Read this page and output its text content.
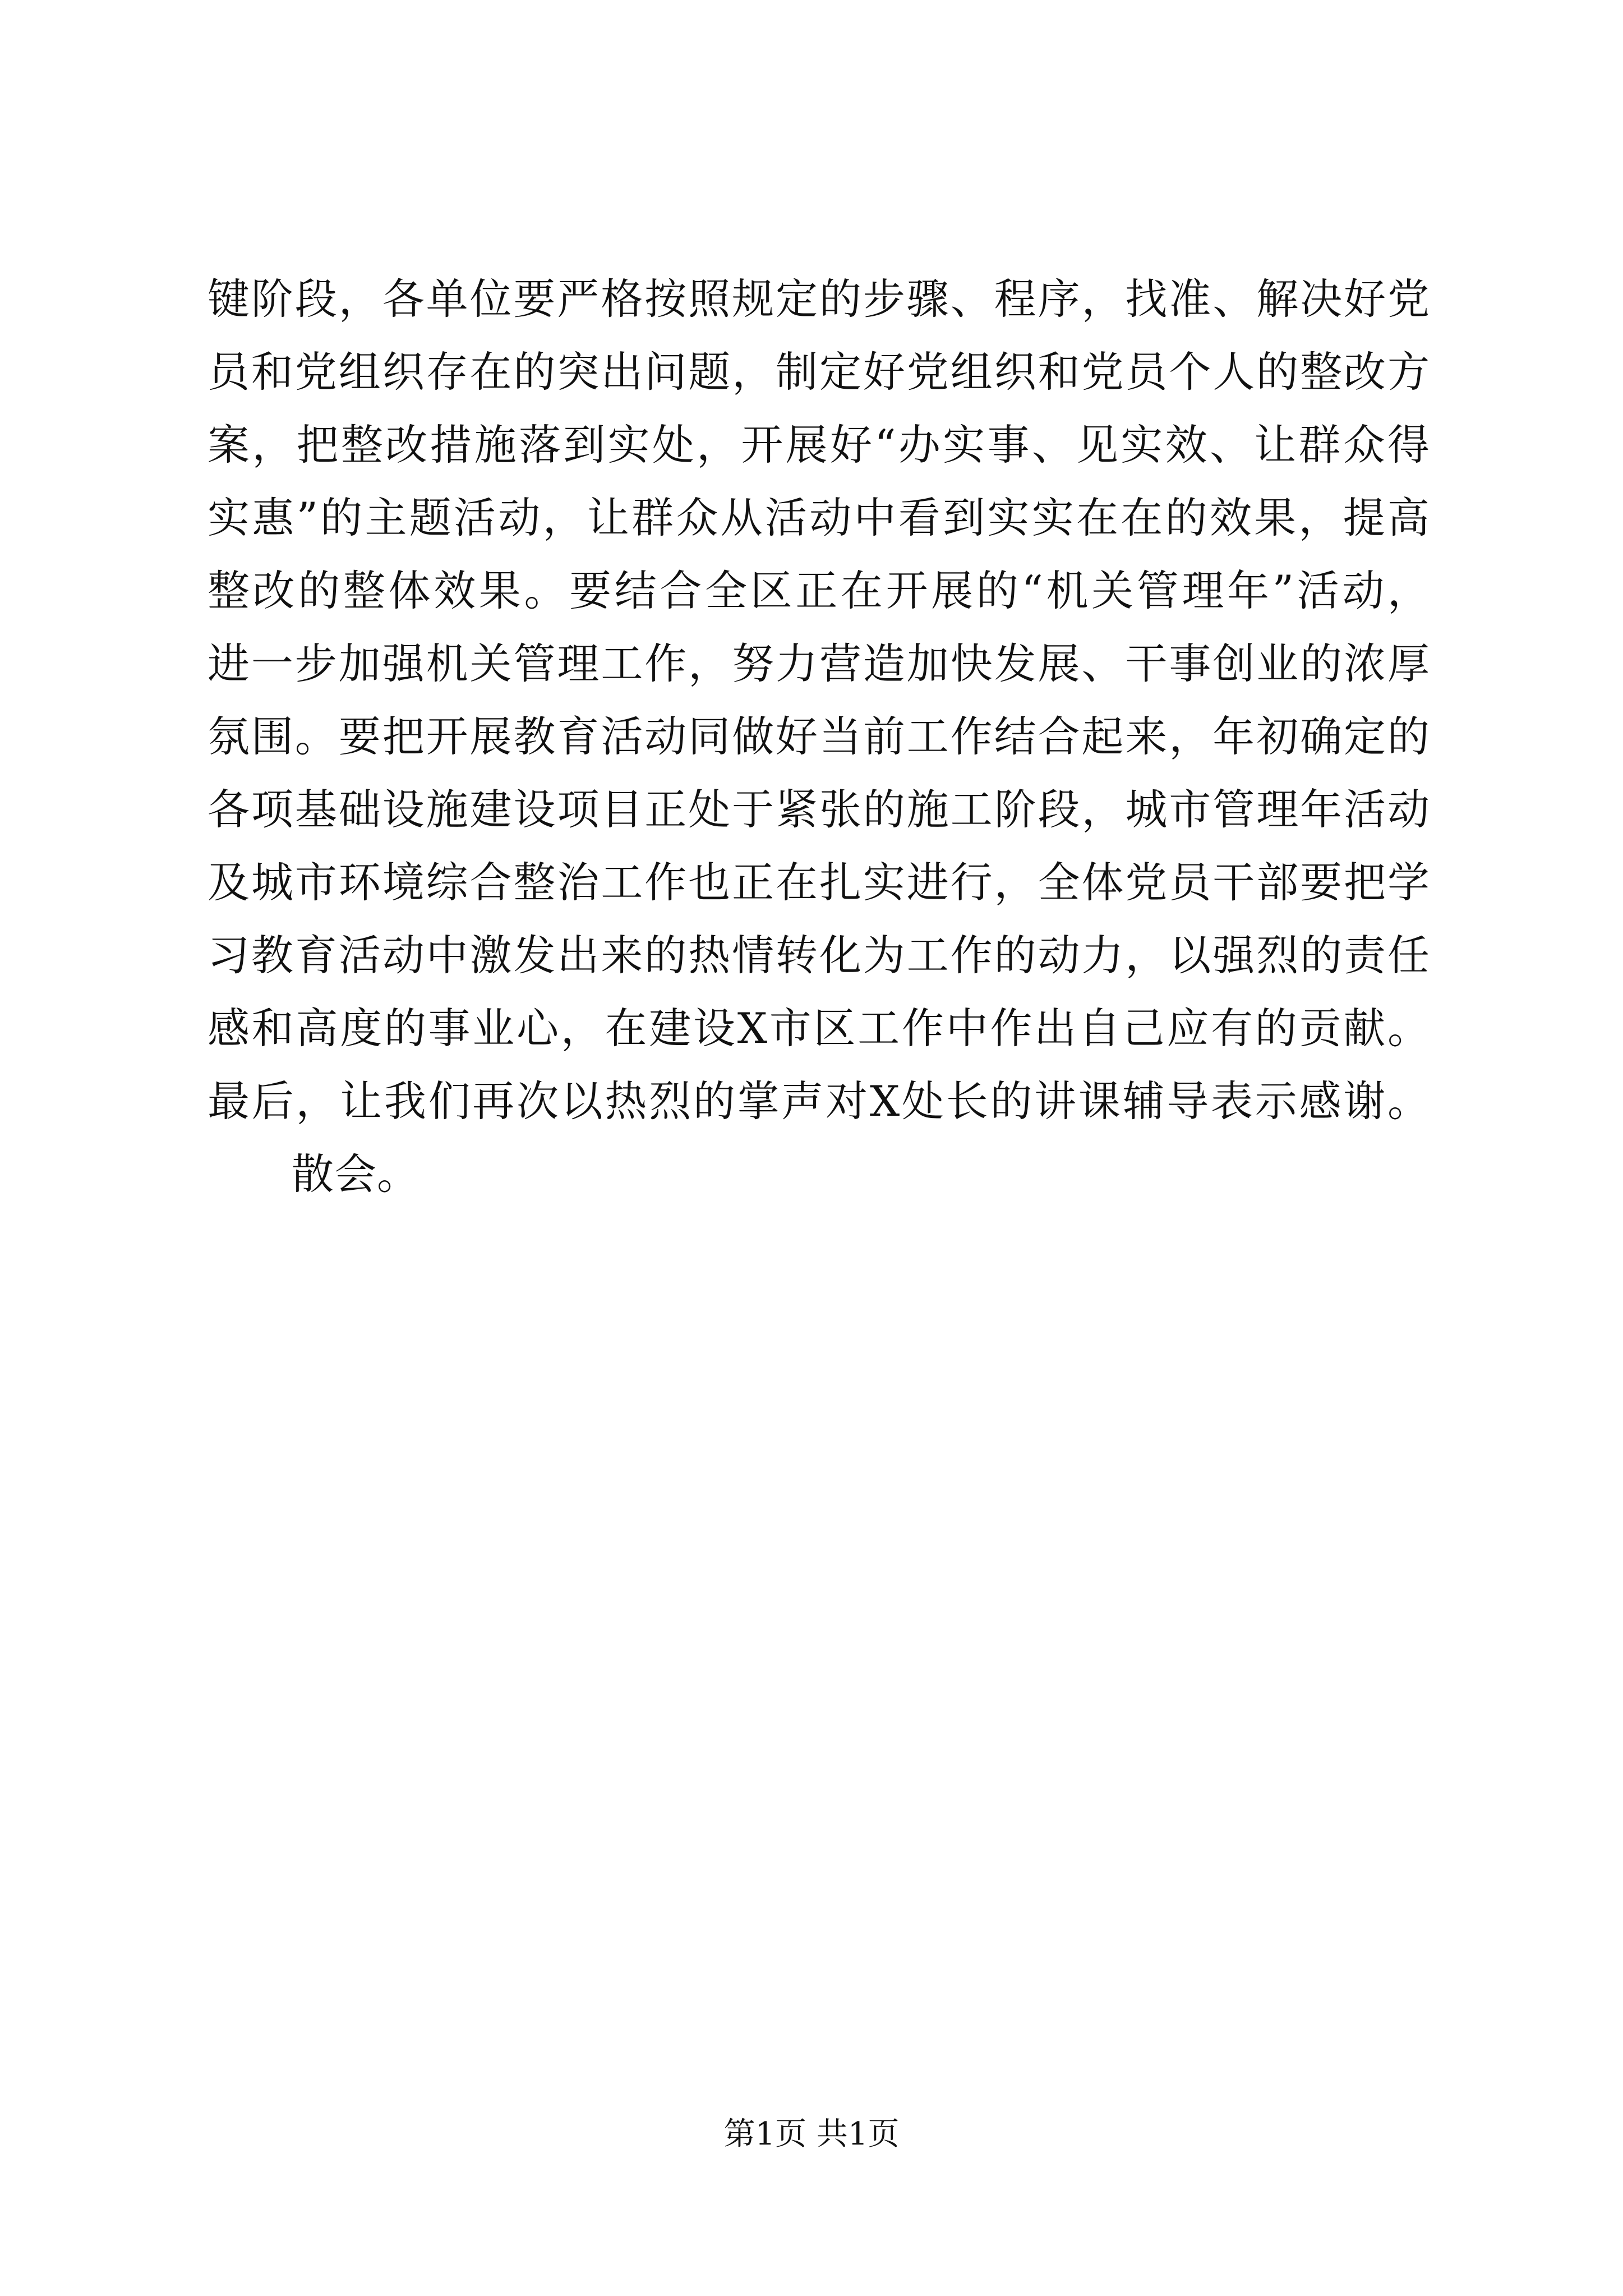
键阶段，各单位要严格按照规定的步骤、程序，找准、解决好党
员和党组织存在的突出问题，制定好党组织和党员个人的整改方
案，把整改措施落到实处，开展好“办实事、见实效、让群众得
实惠”的主题活动，让群众从活动中看到实实在在的效果，提高
整改的整体效果。要结合全区正在开展的“机关管理年”活动，
进一步加强机关管理工作，努力营造加快发展、干事创业的浓厚
氛围。要把开展教育活动同做好当前工作结合起来，年初确定的
各项基础设施建设项目正处于紧张的施工阶段，城市管理年活动
及城市环境综合整治工作也正在扎实进行，全体党员干部要把学
习教育活动中激发出来的热情转化为工作的动力，以强烈的责任
感和高度的事业心，在建设X市区工作中作出自己应有的贡献。
最后，让我们再次以热烈的掌声对X处长的讲课辅导表示感谢。
散会。
第1页 共1页
